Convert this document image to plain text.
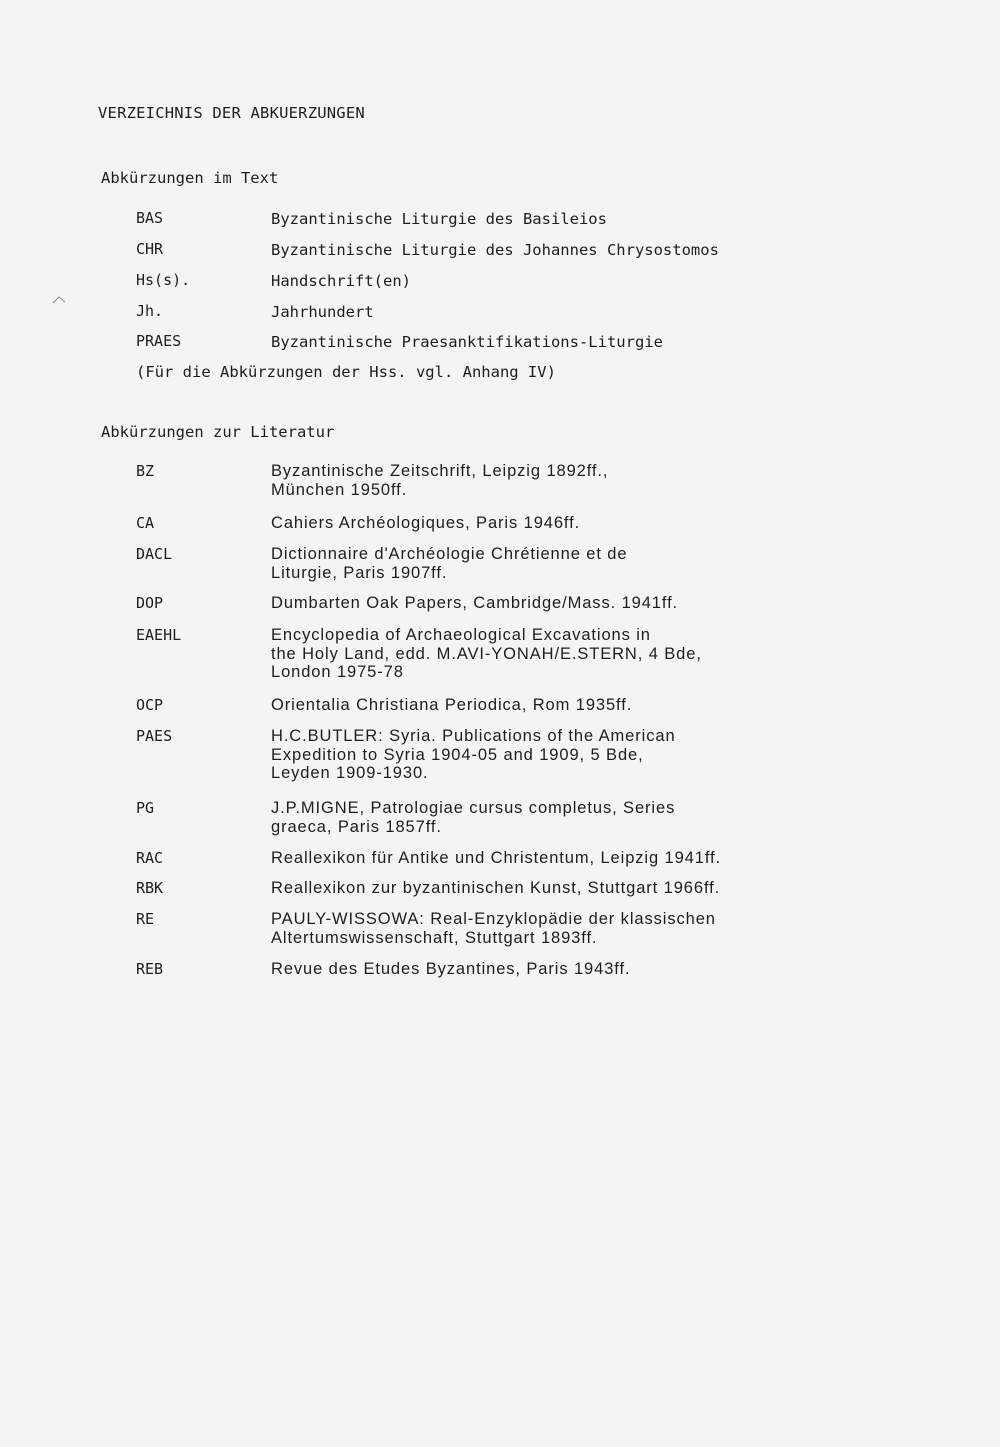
VERZEICHNIS DER ABKUERZUNGEN
Abkürzungen im Text
BAS	Byzantinische Liturgie des Basileios
CHR	Byzantinische Liturgie des Johannes Chrysostomos
Hs(s).	Handschrift(en)
Jh.	Jahrhundert
PRAES	Byzantinische Praesanktifikations-Liturgie
(Für die Abkürzungen der Hss. vgl. Anhang IV)
Abkürzungen zur Literatur
BZ	Byzantinische Zeitschrift, Leipzig 1892ff.,
München 1950ff.
CA	Cahiers Archéologiques, Paris 1946ff.
DACL	Dictionnaire d'Archéologie Chrétienne et de
Liturgie, Paris 1907ff.
DOP	Dumbarten Oak Papers, Cambridge/Mass. 1941ff.
EAEHL	Encyclopedia of Archaeological Excavations in
the Holy Land, edd. M.AVI-YONAH/E.STERN, 4 Bde,
London 1975-78
OCP	Orientalia Christiana Periodica, Rom 1935ff.
PAES	H.C.BUTLER: Syria. Publications of the American
Expedition to Syria 1904-05 and 1909, 5 Bde,
Leyden 1909-1930.
PG	J.P.MIGNE, Patrologiae cursus completus, Series
graeca, Paris 1857ff.
RAC	Reallexikon für Antike und Christentum, Leipzig 1941ff.
RBK	Reallexikon zur byzantinischen Kunst, Stuttgart 1966ff.
RE	PAULY-WISSOWA: Real-Enzyklopädie der klassischen
Altertumswissenschaft, Stuttgart 1893ff.
REB	Revue des Etudes Byzantines, Paris 1943ff.
